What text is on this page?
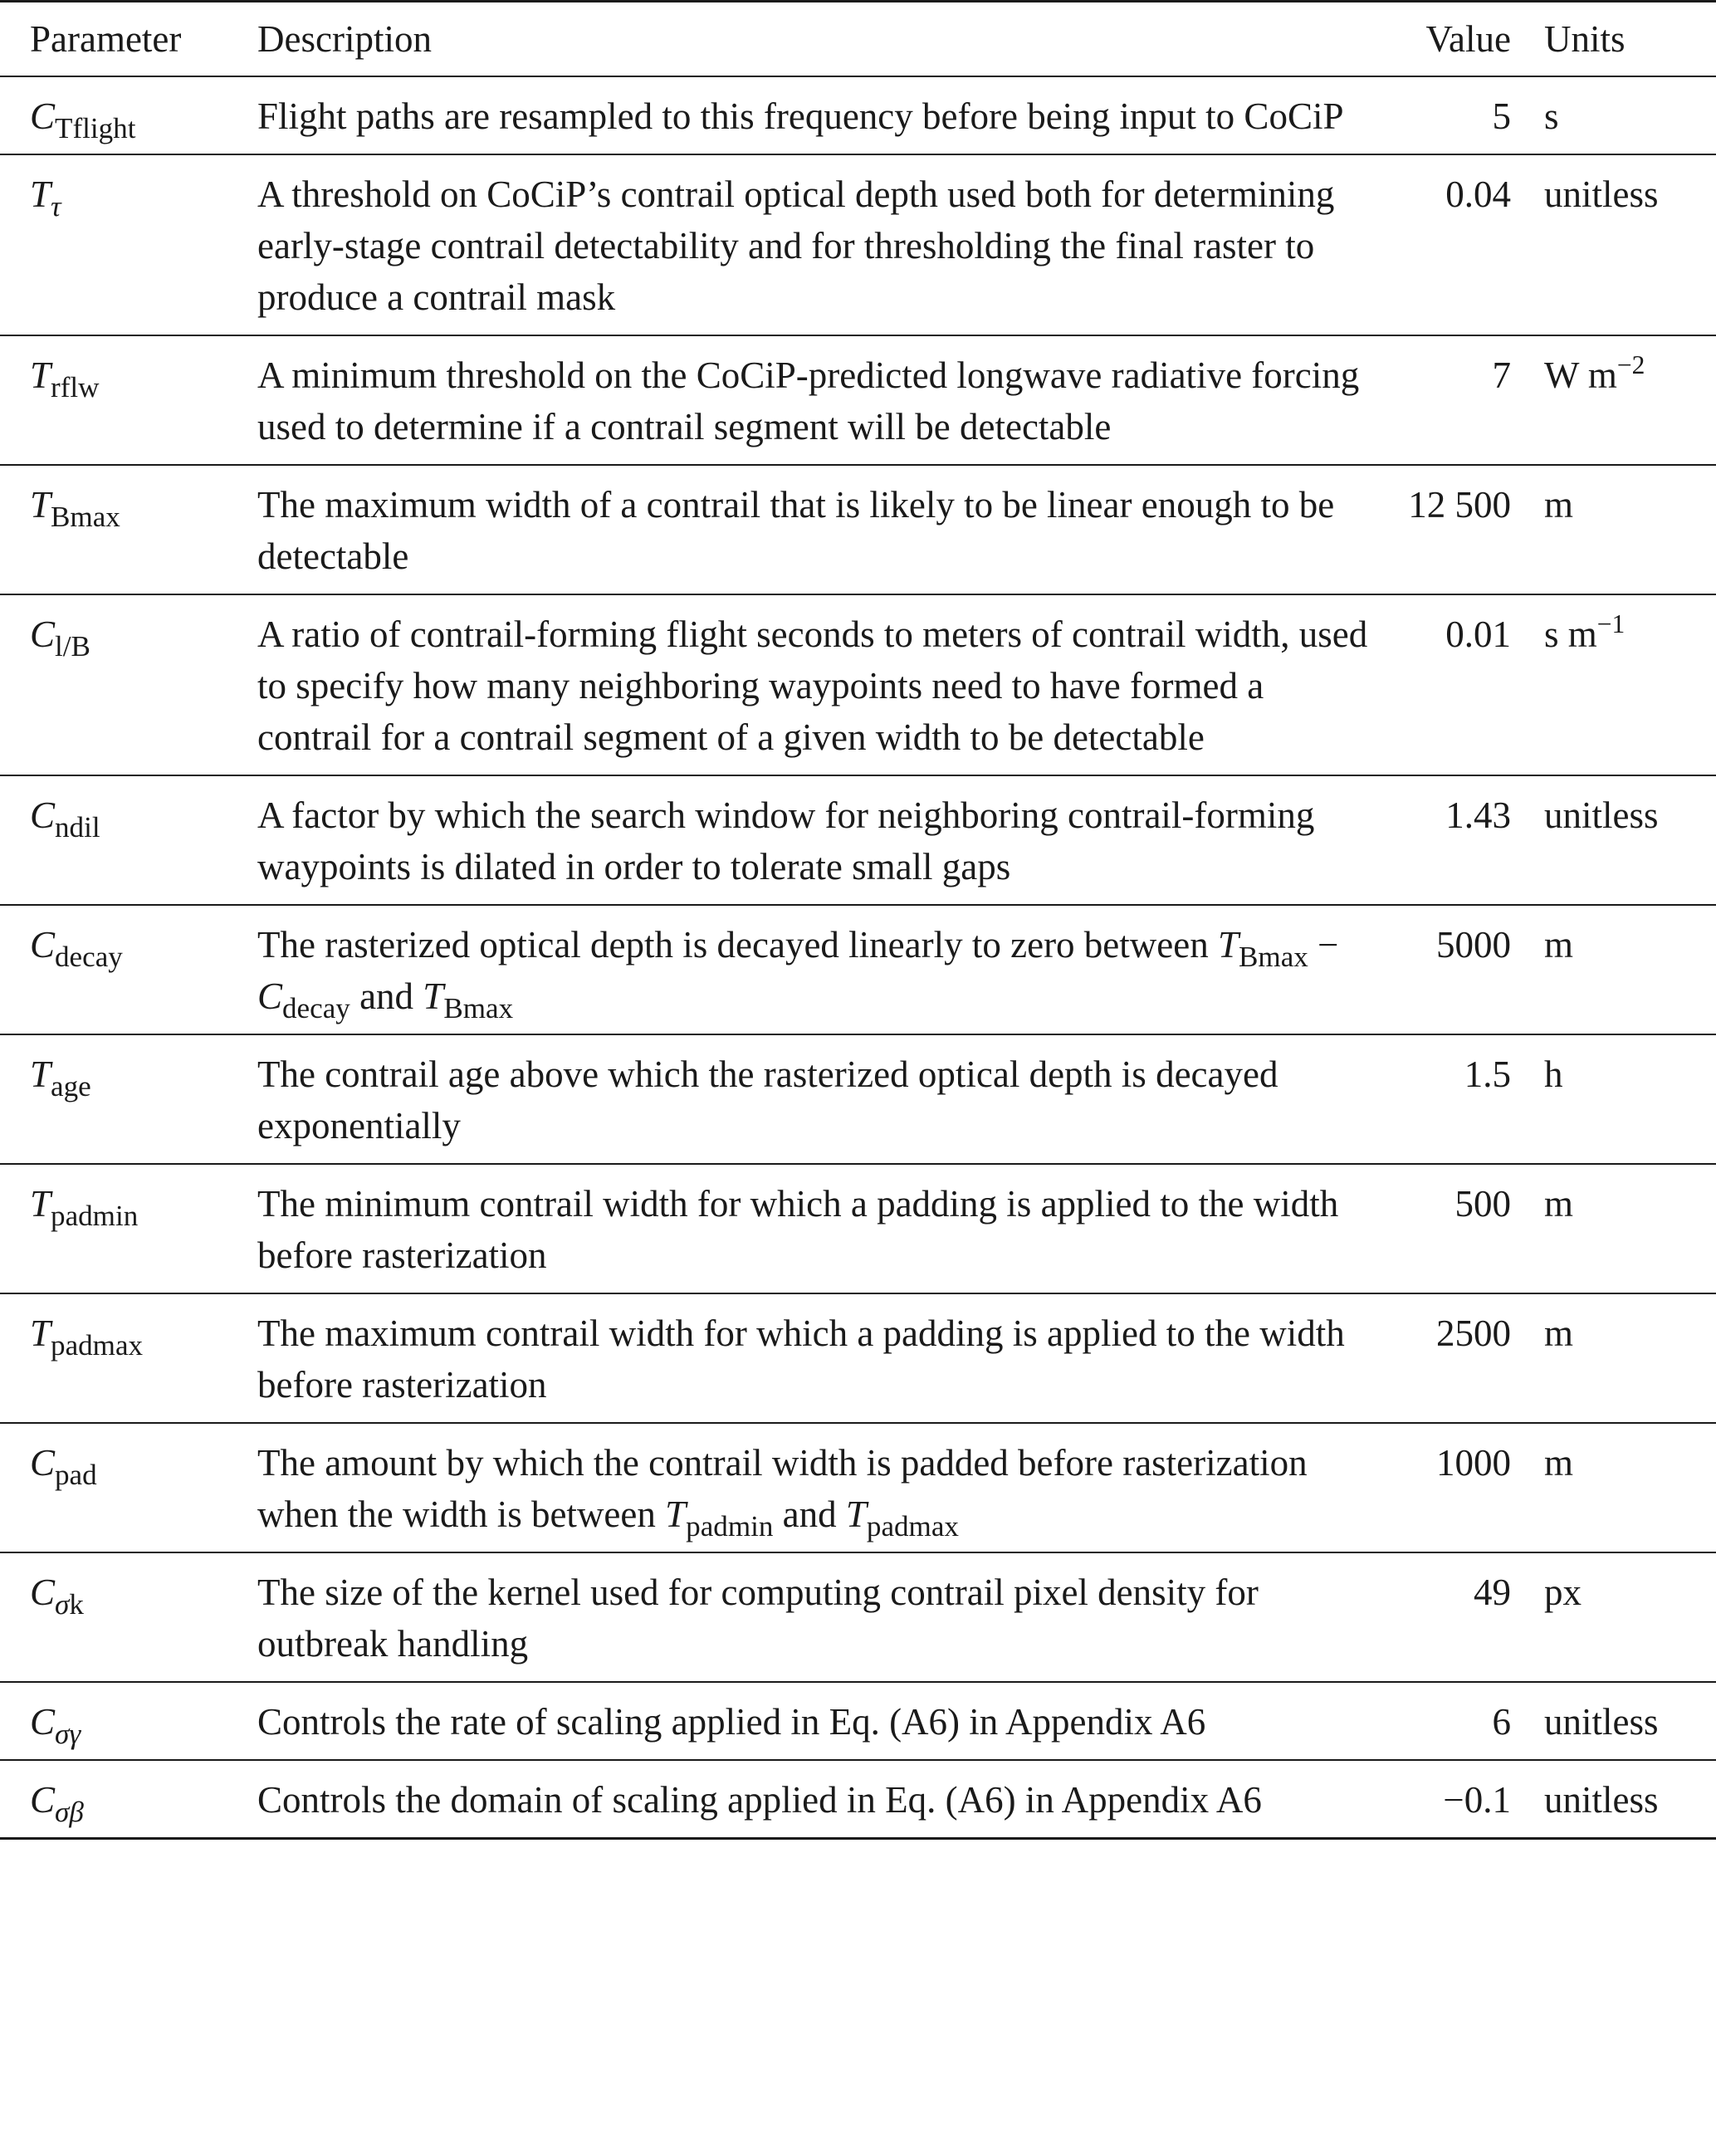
Parameter	Description	Value	Units
$C_{Tflight}$	Flight paths are resampled to this frequency before being input to CoCiP	5	s
$T_\tau$	A threshold on CoCiP’s contrail optical depth used both for determining early-stage contrail detectability and for thresholding the final raster to produce a contrail mask	0.04	unitless
$T_{rflw}$	A minimum threshold on the CoCiP-predicted longwave radiative forcing used to determine if a contrail segment will be detectable	7	W $m^{-2}$
$T_{Bmax}$	The maximum width of a contrail that is likely to be linear enough to be detectable	12 500	m
$C_{l/B}$	A ratio of contrail-forming flight seconds to meters of contrail width, used to specify how many neighboring waypoints need to have formed a contrail for a contrail segment of a given width to be detectable	0.01	s $m^{-1}$
$C_{ndil}$	A factor by which the search window for neighboring contrail-forming waypoints is dilated in order to tolerate small gaps	1.43	unitless
$C_{decay}$	The rasterized optical depth is decayed linearly to zero between $T_{Bmax} - C_{decay}$ and $T_{Bmax}$	5000	m
$T_{age}$	The contrail age above which the rasterized optical depth is decayed exponentially	1.5	h
$T_{padmin}$	The minimum contrail width for which a padding is applied to the width before rasterization	500	m
$T_{padmax}$	The maximum contrail width for which a padding is applied to the width before rasterization	2500	m
$C_{pad}$	The amount by which the contrail width is padded before rasterization when the width is between $T_{padmin}$ and $T_{padmax}$	1000	m
$C_{\sigma k}$	The size of the kernel used for computing contrail pixel density for outbreak handling	49	px
$C_{\sigma\gamma}$	Controls the rate of scaling applied in Eq. (A6) in Appendix A6	6	unitless
$C_{\sigma\beta}$	Controls the domain of scaling applied in Eq. (A6) in Appendix A6	−0.1	unitless
